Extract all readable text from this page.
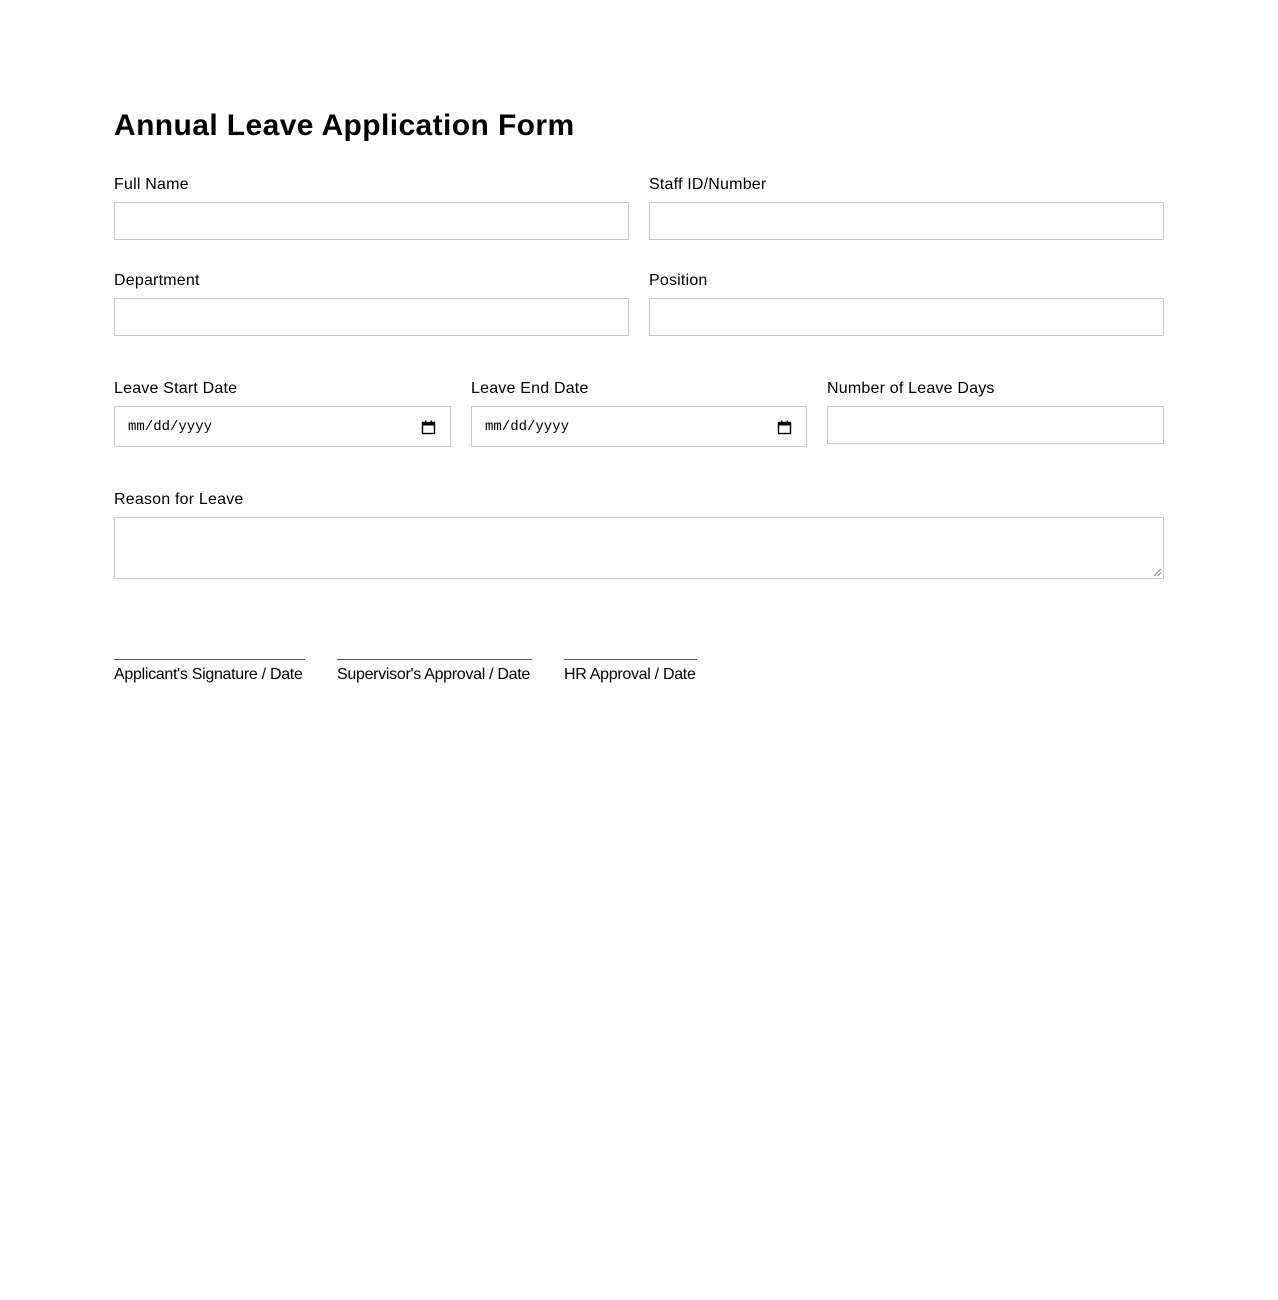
Annual Leave Application Form
Full Name	Staff ID/Number
Department	Position
Leave Start Date
mm/dd/yyyy
Leave End Date
mm/dd/yyyy
Number of Leave Days
Reason for Leave
Applicant's Signature / Date Supervisor's Approval / Date HR Approval / Date
